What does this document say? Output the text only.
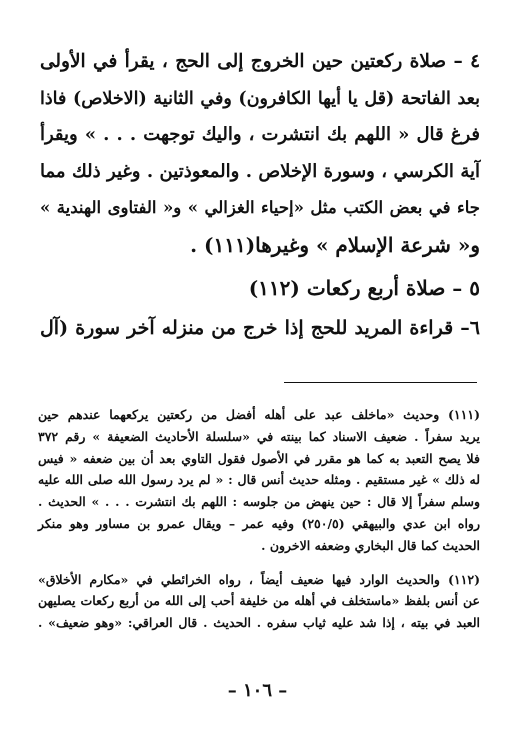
٤ – صلاة ركعتين حين الخروج إلى الحج ، يقرأ في الأولى
بعد الفاتحة (قل يا أيها الكافرون) وفي الثانية (الاخلاص) فاذا
فرغ قال « اللهم بك انتشرت ، واليك توجهت . . . » ويقرأ
آية الكرسي ، وسورة الإخلاص . والمعوذتين . وغير ذلك مما
جاء في بعض الكتب مثل «إحياء الغزالي » و« الفتاوى الهندية »
و« شرعة الإسلام » وغيرها(١١١) .
٥ – صلاة أربع ركعات (١١٢)
٦– قراءة المريد للحج إذا خرج من منزله آخر سورة (آل
(١١١) وحديث «ماخلف عبد على أهله أفضل من ركعتين يركعهما عندهم حين
يريد سفراً . ضعيف الاسناد كما بينته في «سلسلة الأحاديث الضعيفة » رقم ٣٧٢
فلا يصح التعبد به كما هو مقرر في الأصول فقول التاوي بعد أن بين ضعفه « فيس
له ذلك » غير مستقيم . ومثله حديث أنس قال : « لم يرد رسول الله صلى الله عليه
وسلم سفراً إلا قال : حين ينهض من جلوسه : اللهم بك انتشرت . . . » الحديث .
رواه ابن عدي والبيهقي (٢٥٠/٥) وفيه عمر – ويقال عمرو بن مساور وهو منكر
الحديث كما قال البخاري وضعفه الاخرون .
(١١٢) والحديث الوارد فيها ضعيف أيضاً ، رواه الخرائطي في «مكارم الأخلاق»
عن أنس بلفظ «ماستخلف في أهله من خليفة أحب إلى الله من أربع ركعات يصليهن
العبد في بيته ، إذا شد عليه ثياب سفره . الحديث . قال العراقي: «وهو ضعيف» .
– ١٠٦ –
